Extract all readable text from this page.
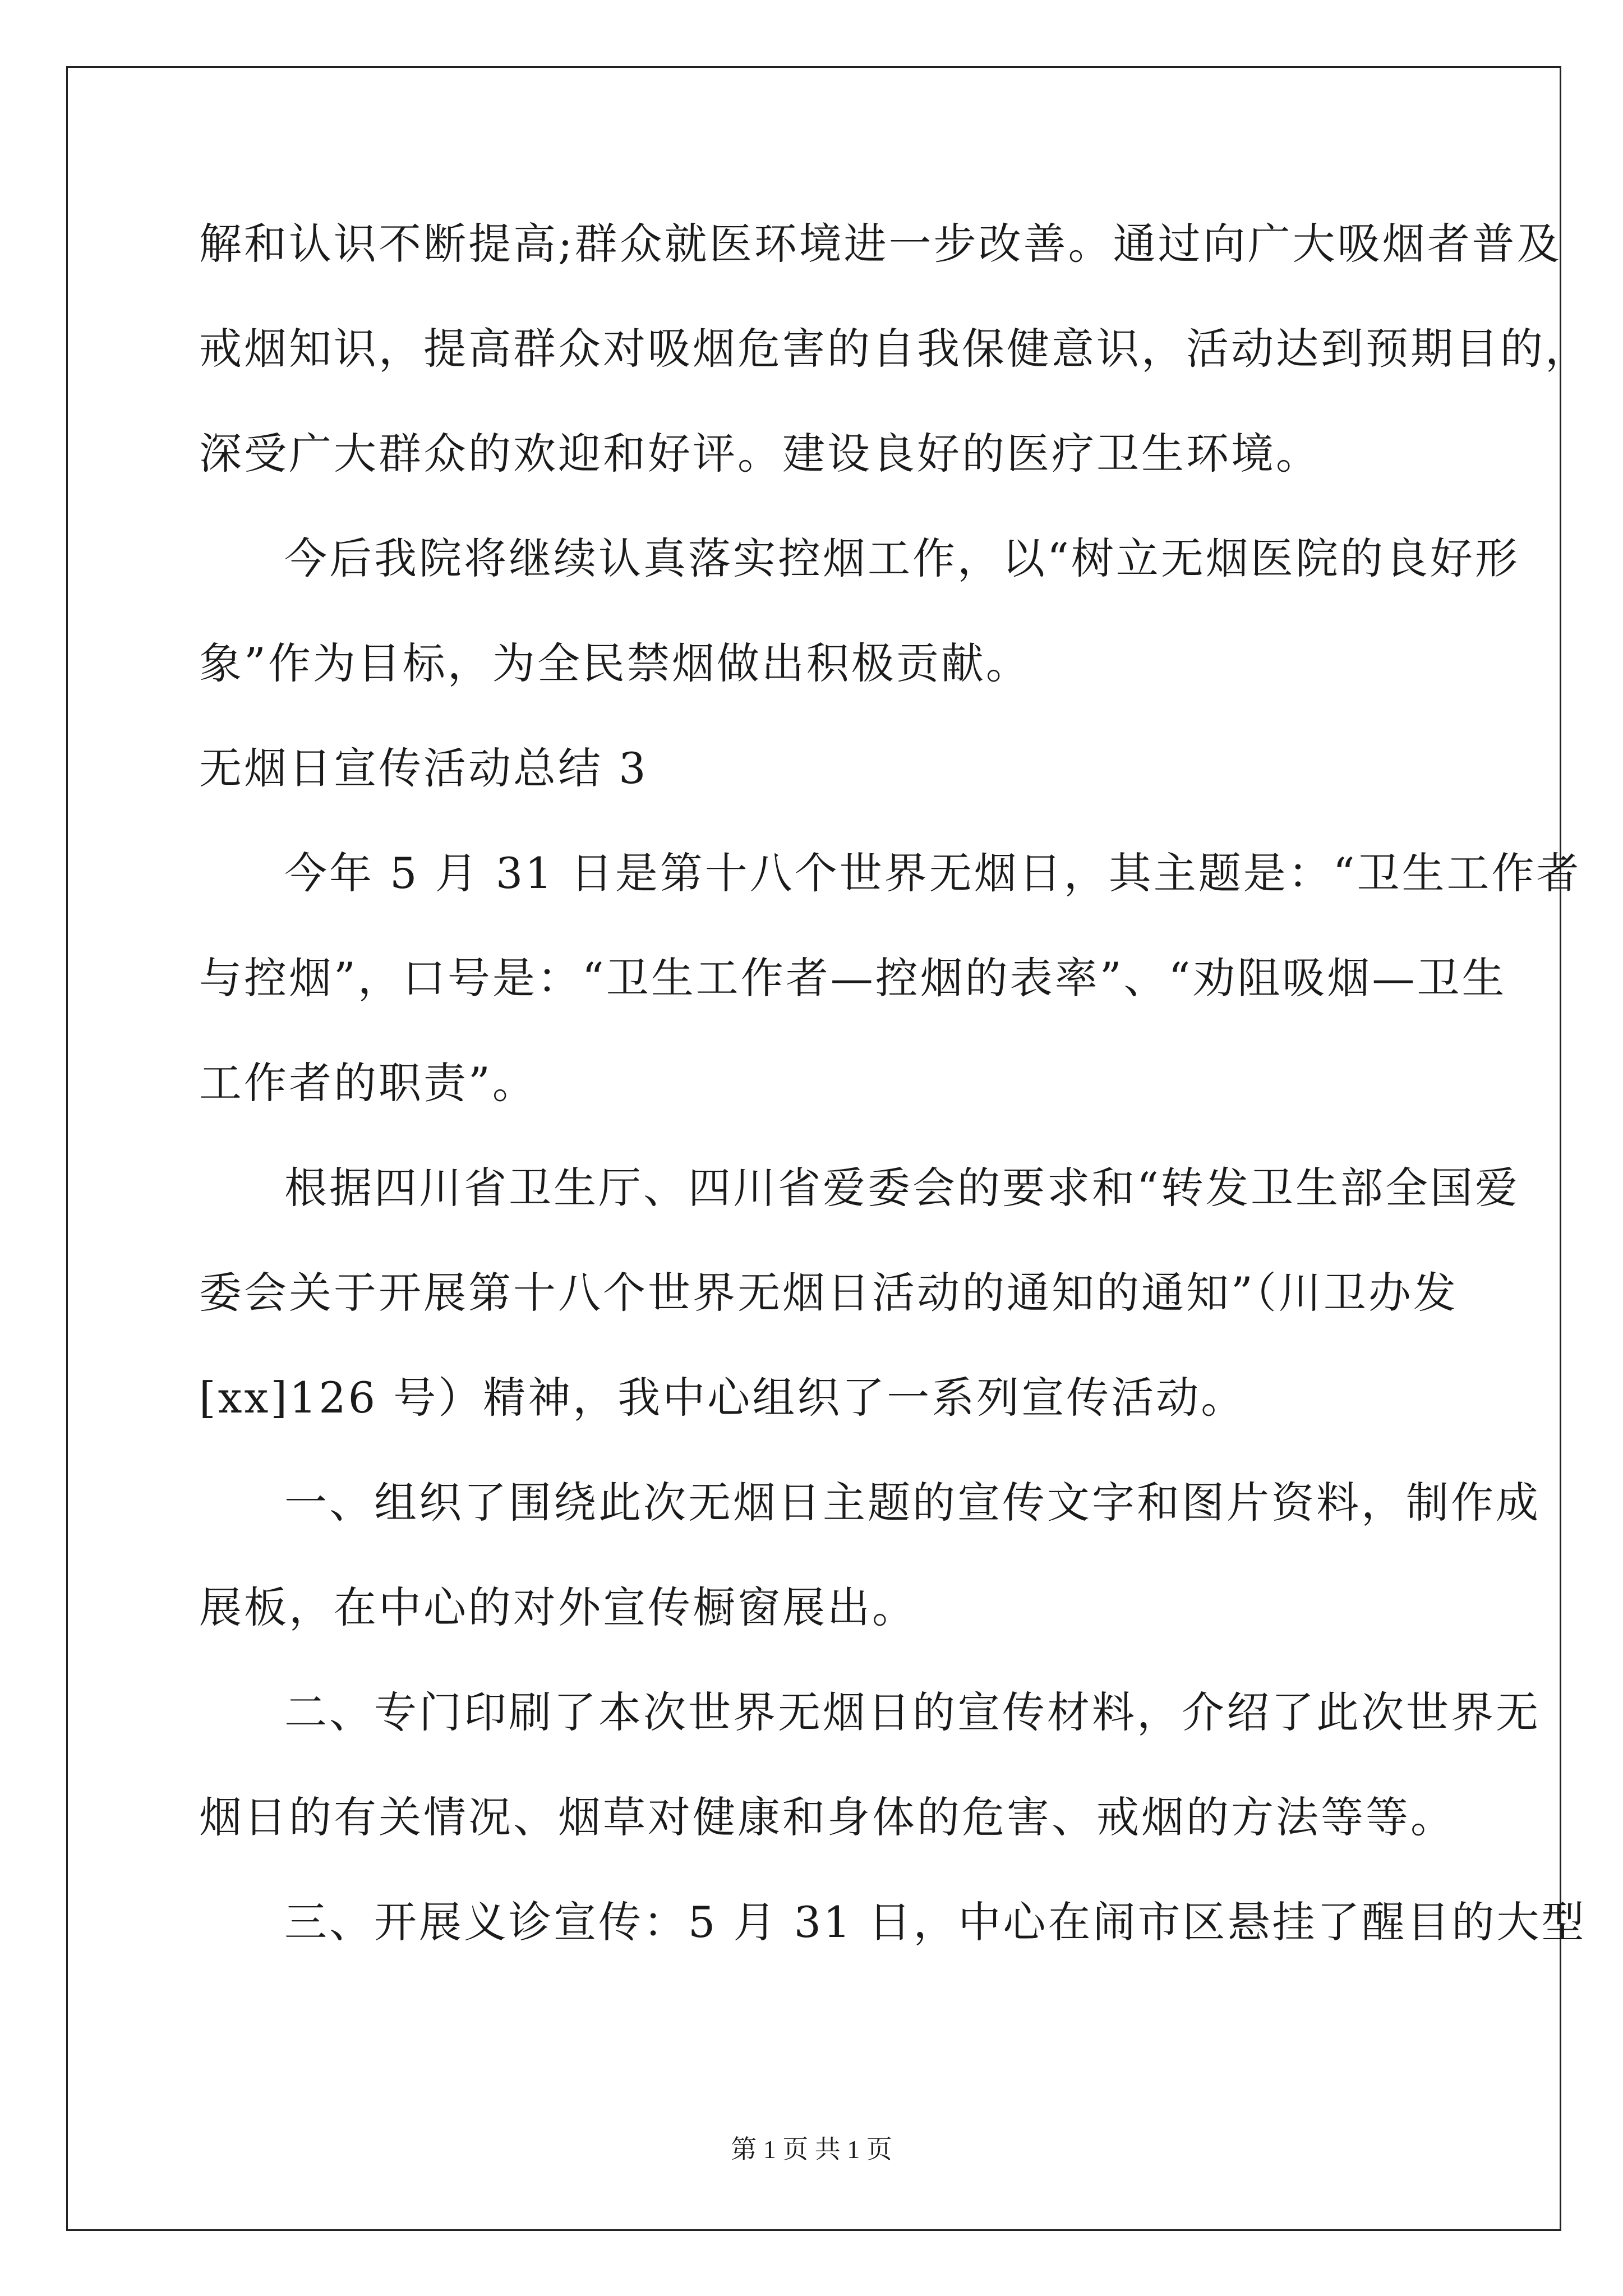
解和认识不断提高;群众就医环境进一步改善。通过向广大吸烟者普及
戒烟知识，提高群众对吸烟危害的自我保健意识，活动达到预期目的，
深受广大群众的欢迎和好评。建设良好的医疗卫生环境。
今后我院将继续认真落实控烟工作，以“树立无烟医院的良好形
象”作为目标，为全民禁烟做出积极贡献。
无烟日宣传活动总结 3
今年 5 月 31 日是第十八个世界无烟日，其主题是：“卫生工作者
与控烟”，口号是：“卫生工作者—控烟的表率”、“劝阻吸烟—卫生
工作者的职责”。
根据四川省卫生厅、四川省爱委会的要求和“转发卫生部全国爱
委会关于开展第十八个世界无烟日活动的通知的通知”（川卫办发
[xx]126 号）精神，我中心组织了一系列宣传活动。
一、组织了围绕此次无烟日主题的宣传文字和图片资料，制作成
展板，在中心的对外宣传橱窗展出。
二、专门印刷了本次世界无烟日的宣传材料，介绍了此次世界无
烟日的有关情况、烟草对健康和身体的危害、戒烟的方法等等。
三、开展义诊宣传：5 月 31 日，中心在闹市区悬挂了醒目的大型
第 1 页 共 1 页
